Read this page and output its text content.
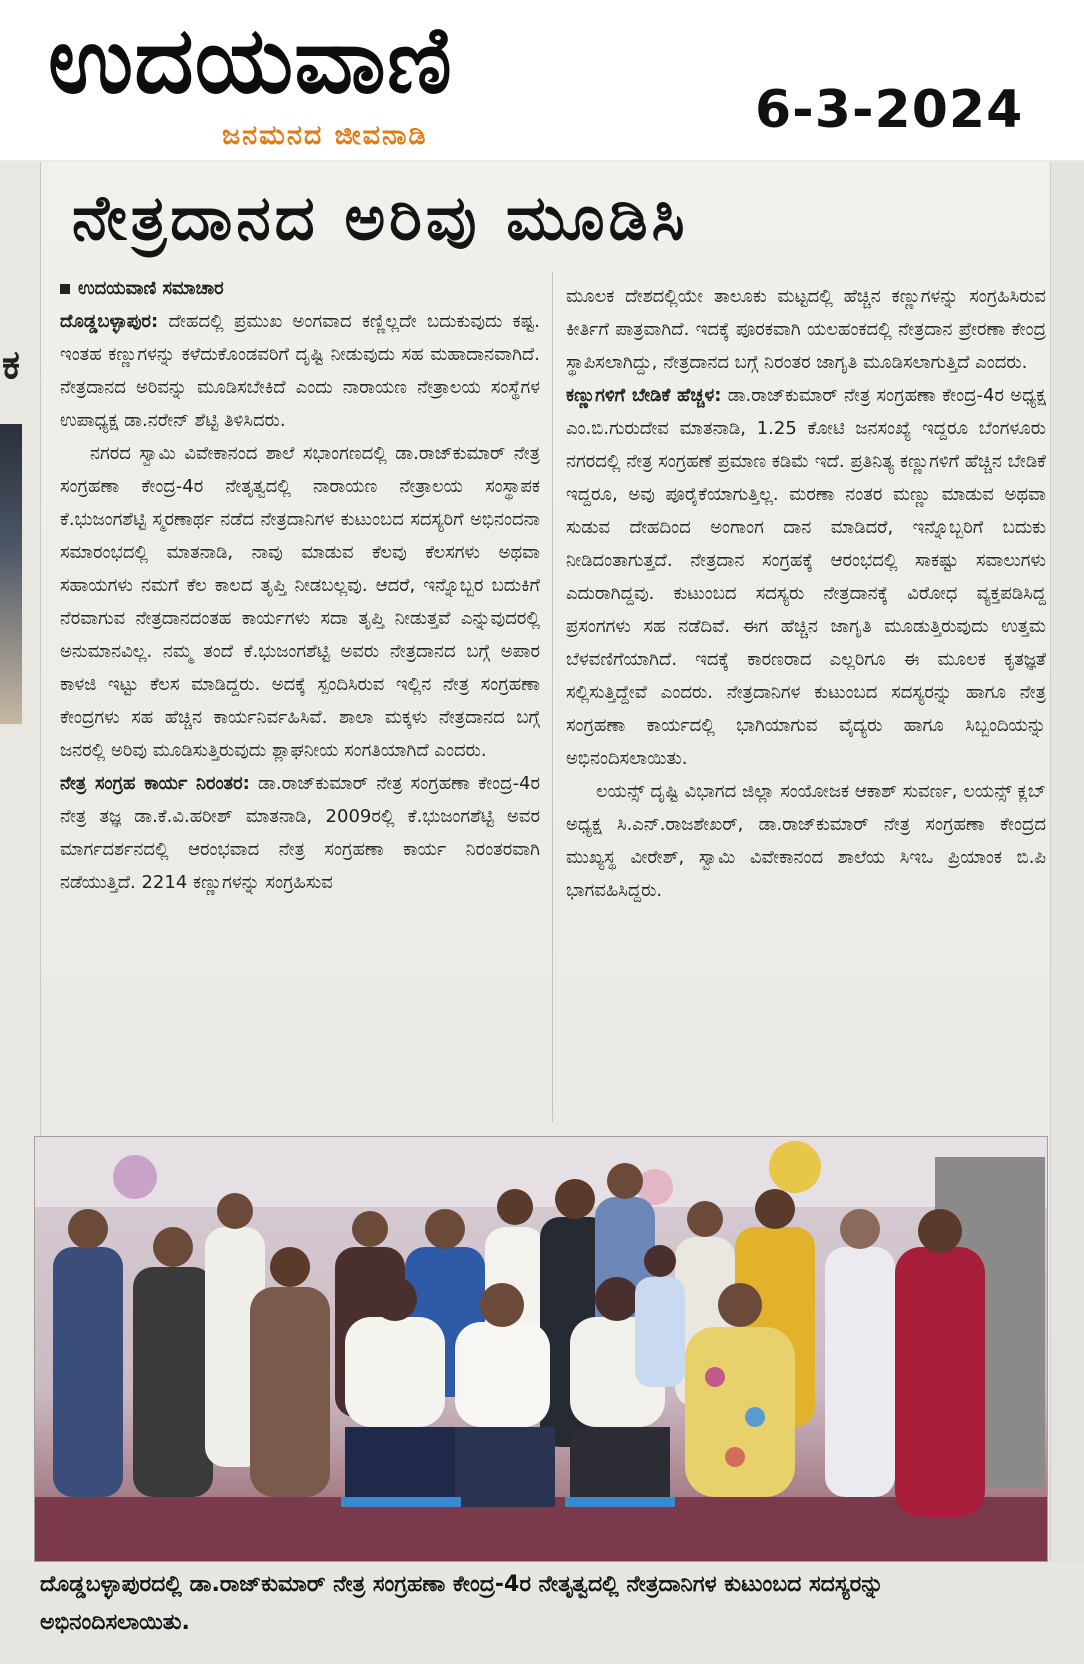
ಉದಯವಾಣಿ
ಜನಮನದ ಜೀವನಾಡಿ	6-3-2024
ಕ
ನೇತ್ರದಾನದ ಅರಿವು ಮೂಡಿಸಿ
ಉದಯವಾಣಿ ಸಮಾಚಾರ
ದೊಡ್ಡಬಳ್ಳಾಪುರ: ದೇಹದಲ್ಲಿ ಪ್ರಮುಖ ಅಂಗವಾದ ಕಣ್ಣಿಲ್ಲದೇ ಬದುಕುವುದು ಕಷ್ಟ. ಇಂತಹ ಕಣ್ಣುಗಳನ್ನು ಕಳೆದುಕೊಂಡವರಿಗೆ ದೃಷ್ಟಿ ನೀಡುವುದು ಸಹ ಮಹಾದಾನವಾಗಿದೆ. ನೇತ್ರದಾನದ ಅರಿವನ್ನು ಮೂಡಿಸಬೇಕಿದೆ ಎಂದು ನಾರಾಯಣ ನೇತ್ರಾಲಯ ಸಂಸ್ಥೆಗಳ ಉಪಾಧ್ಯಕ್ಷ ಡಾ.ನರೇನ್ ಶೆಟ್ಟಿ ತಿಳಿಸಿದರು.
ನಗರದ ಸ್ವಾಮಿ ವಿವೇಕಾನಂದ ಶಾಲೆ ಸಭಾಂಗಣದಲ್ಲಿ ಡಾ.ರಾಜ್‌ಕುಮಾರ್ ನೇತ್ರ ಸಂಗ್ರಹಣಾ ಕೇಂದ್ರ-4ರ ನೇತೃತ್ವದಲ್ಲಿ ನಾರಾಯಣ ನೇತ್ರಾಲಯ ಸಂಸ್ಥಾಪಕ ಕೆ.ಭುಜಂಗಶೆಟ್ಟಿ ಸ್ಮರಣಾರ್ಥ ನಡೆದ ನೇತ್ರದಾನಿಗಳ ಕುಟುಂಬದ ಸದಸ್ಯರಿಗೆ ಅಭಿನಂದನಾ ಸಮಾರಂಭದಲ್ಲಿ ಮಾತನಾಡಿ, ನಾವು ಮಾಡುವ ಕೆಲವು ಕೆಲಸಗಳು ಅಥವಾ ಸಹಾಯಗಳು ನಮಗೆ ಕೆಲ ಕಾಲದ ತೃಪ್ತಿ ನೀಡಬಲ್ಲವು. ಆದರೆ, ಇನ್ನೊಬ್ಬರ ಬದುಕಿಗೆ ನೆರವಾಗುವ ನೇತ್ರದಾನದಂತಹ ಕಾರ್ಯಗಳು ಸದಾ ತೃಪ್ತಿ ನೀಡುತ್ತವೆ ಎನ್ನುವುದರಲ್ಲಿ ಅನುಮಾನವಿಲ್ಲ. ನಮ್ಮ ತಂದೆ ಕೆ.ಭುಜಂಗಶೆಟ್ಟಿ ಅವರು ನೇತ್ರದಾನದ ಬಗ್ಗೆ ಅಪಾರ ಕಾಳಜಿ ಇಟ್ಟು ಕೆಲಸ ಮಾಡಿದ್ದರು. ಅದಕ್ಕೆ ಸ್ಪಂದಿಸಿರುವ ಇಲ್ಲಿನ ನೇತ್ರ ಸಂಗ್ರಹಣಾ ಕೇಂದ್ರಗಳು ಸಹ ಹೆಚ್ಚಿನ ಕಾರ್ಯನಿರ್ವಹಿಸಿವೆ. ಶಾಲಾ ಮಕ್ಕಳು ನೇತ್ರದಾನದ ಬಗ್ಗೆ ಜನರಲ್ಲಿ ಅರಿವು ಮೂಡಿಸುತ್ತಿರುವುದು ಶ್ಲಾಘನೀಯ ಸಂಗತಿಯಾಗಿದೆ ಎಂದರು.
ನೇತ್ರ ಸಂಗ್ರಹ ಕಾರ್ಯ ನಿರಂತರ: ಡಾ.ರಾಜ್‌ಕುಮಾರ್ ನೇತ್ರ ಸಂಗ್ರಹಣಾ ಕೇಂದ್ರ-4ರ ನೇತ್ರ ತಜ್ಞ ಡಾ.ಕೆ.ವಿ.ಹರೀಶ್ ಮಾತನಾಡಿ, 2009ರಲ್ಲಿ ಕೆ.ಭುಜಂಗಶೆಟ್ಟಿ ಅವರ ಮಾರ್ಗದರ್ಶನದಲ್ಲಿ ಆರಂಭವಾದ ನೇತ್ರ ಸಂಗ್ರಹಣಾ ಕಾರ್ಯ ನಿರಂತರವಾಗಿ ನಡೆಯುತ್ತಿದೆ. 2214 ಕಣ್ಣುಗಳನ್ನು ಸಂಗ್ರಹಿಸುವ
ಮೂಲಕ ದೇಶದಲ್ಲಿಯೇ ತಾಲೂಕು ಮಟ್ಟದಲ್ಲಿ ಹೆಚ್ಚಿನ ಕಣ್ಣುಗಳನ್ನು ಸಂಗ್ರಹಿಸಿರುವ ಕೀರ್ತಿಗೆ ಪಾತ್ರವಾಗಿದೆ. ಇದಕ್ಕೆ ಪೂರಕವಾಗಿ ಯಲಹಂಕದಲ್ಲಿ ನೇತ್ರದಾನ ಪ್ರೇರಣಾ ಕೇಂದ್ರ ಸ್ಥಾಪಿಸಲಾಗಿದ್ದು, ನೇತ್ರದಾನದ ಬಗ್ಗೆ ನಿರಂತರ ಜಾಗೃತಿ ಮೂಡಿಸಲಾಗುತ್ತಿದೆ ಎಂದರು.
ಕಣ್ಣುಗಳಿಗೆ ಬೇಡಿಕೆ ಹೆಚ್ಚಳ: ಡಾ.ರಾಜ್‌ಕುಮಾರ್ ನೇತ್ರ ಸಂಗ್ರಹಣಾ ಕೇಂದ್ರ-4ರ ಅಧ್ಯಕ್ಷ ಎಂ.ಬಿ.ಗುರುದೇವ ಮಾತನಾಡಿ, 1.25 ಕೋಟಿ ಜನಸಂಖ್ಯೆ ಇದ್ದರೂ ಬೆಂಗಳೂರು ನಗರದಲ್ಲಿ ನೇತ್ರ ಸಂಗ್ರಹಣೆ ಪ್ರಮಾಣ ಕಡಿಮೆ ಇದೆ. ಪ್ರತಿನಿತ್ಯ ಕಣ್ಣುಗಳಿಗೆ ಹೆಚ್ಚಿನ ಬೇಡಿಕೆ ಇದ್ದರೂ, ಅವು ಪೂರೈಕೆಯಾಗುತ್ತಿಲ್ಲ. ಮರಣಾ ನಂತರ ಮಣ್ಣು ಮಾಡುವ ಅಥವಾ ಸುಡುವ ದೇಹದಿಂದ ಅಂಗಾಂಗ ದಾನ ಮಾಡಿದರೆ, ಇನ್ನೊಬ್ಬರಿಗೆ ಬದುಕು ನೀಡಿದಂತಾಗುತ್ತದೆ. ನೇತ್ರದಾನ ಸಂಗ್ರಹಕ್ಕೆ ಆರಂಭದಲ್ಲಿ ಸಾಕಷ್ಟು ಸವಾಲುಗಳು ಎದುರಾಗಿದ್ದವು. ಕುಟುಂಬದ ಸದಸ್ಯರು ನೇತ್ರದಾನಕ್ಕೆ ವಿರೋಧ ವ್ಯಕ್ತಪಡಿಸಿದ್ದ ಪ್ರಸಂಗಗಳು ಸಹ ನಡೆದಿವೆ. ಈಗ ಹೆಚ್ಚಿನ ಜಾಗೃತಿ ಮೂಡುತ್ತಿರುವುದು ಉತ್ತಮ ಬೆಳವಣಿಗೆಯಾಗಿದೆ. ಇದಕ್ಕೆ ಕಾರಣರಾದ ಎಲ್ಲರಿಗೂ ಈ ಮೂಲಕ ಕೃತಜ್ಞತೆ ಸಲ್ಲಿಸುತ್ತಿದ್ದೇವೆ ಎಂದರು. ನೇತ್ರದಾನಿಗಳ ಕುಟುಂಬದ ಸದಸ್ಯರನ್ನು ಹಾಗೂ ನೇತ್ರ ಸಂಗ್ರಹಣಾ ಕಾರ್ಯದಲ್ಲಿ ಭಾಗಿಯಾಗುವ ವೈದ್ಯರು ಹಾಗೂ ಸಿಬ್ಬಂದಿಯನ್ನು ಅಭಿನಂದಿಸಲಾಯಿತು.
ಲಯನ್ಸ್ ದೃಷ್ಟಿ ವಿಭಾಗದ ಜಿಲ್ಲಾ ಸಂಯೋಜಕ ಆಕಾಶ್ ಸುವರ್ಣ, ಲಯನ್ಸ್ ಕ್ಲಬ್ ಅಧ್ಯಕ್ಷ ಸಿ.ಎನ್.ರಾಜಶೇಖರ್, ಡಾ.ರಾಜ್‌ಕುಮಾರ್ ನೇತ್ರ ಸಂಗ್ರಹಣಾ ಕೇಂದ್ರದ ಮುಖ್ಯಸ್ಥ ವೀರೇಶ್, ಸ್ವಾಮಿ ವಿವೇಕಾನಂದ ಶಾಲೆಯ ಸಿಇಒ ಪ್ರಿಯಾಂಕ ಬಿ.ಪಿ ಭಾಗವಹಿಸಿದ್ದರು.
ದೊಡ್ಡಬಳ್ಳಾಪುರದಲ್ಲಿ ಡಾ.ರಾಜ್‌ಕುಮಾರ್ ನೇತ್ರ ಸಂಗ್ರಹಣಾ ಕೇಂದ್ರ-4ರ ನೇತೃತ್ವದಲ್ಲಿ ನೇತ್ರದಾನಿಗಳ ಕುಟುಂಬದ ಸದಸ್ಯರನ್ನು ಅಭಿನಂದಿಸಲಾಯಿತು.
